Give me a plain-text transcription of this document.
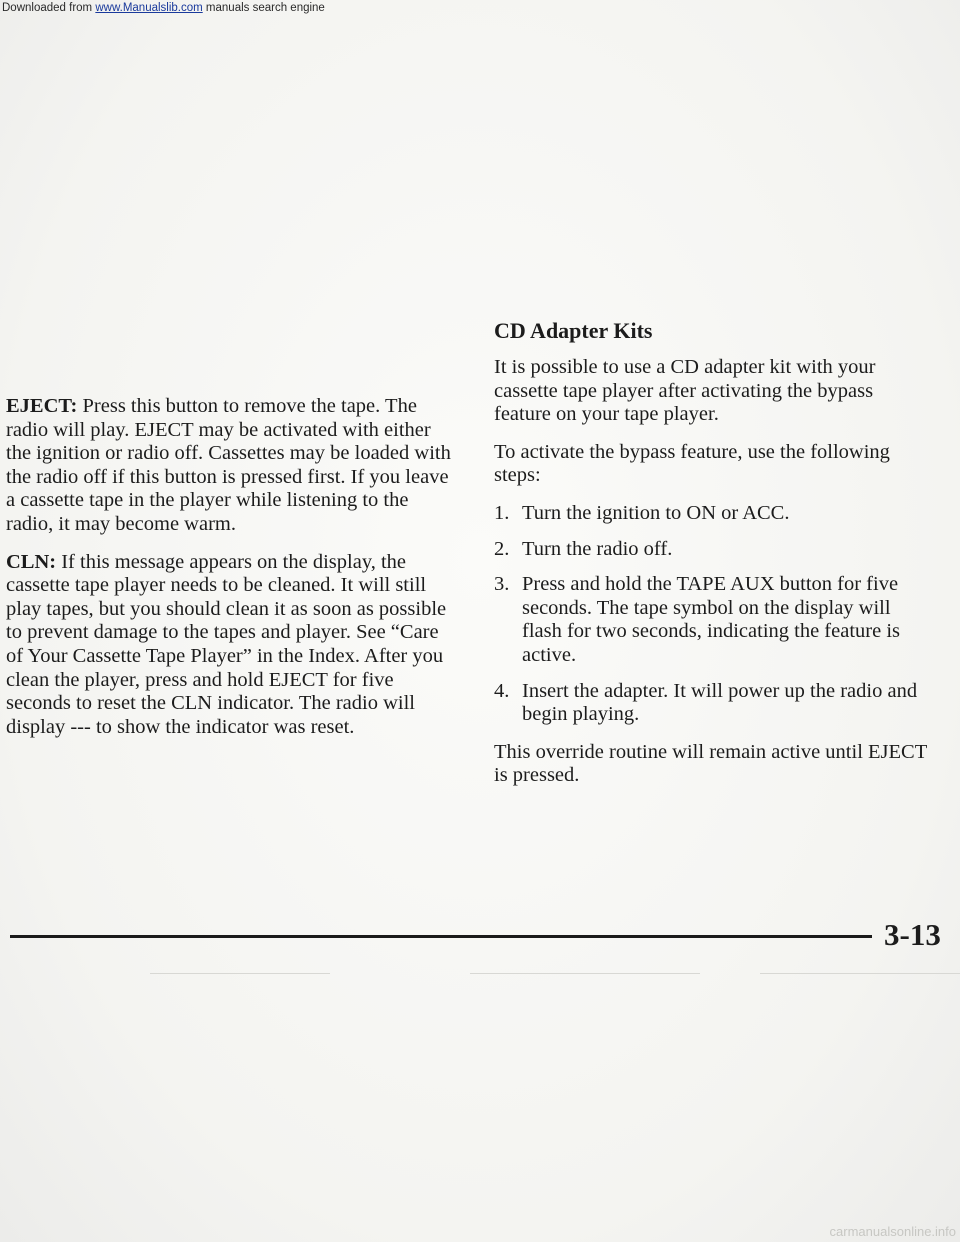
EJECT: Press this button to remove the tape. The radio will play. EJECT may be activated with either the ignition or radio off. Cassettes may be loaded with the radio off if this button is pressed first. If you leave a cassette tape in the player while listening to the radio, it may become warm.

CLN: If this message appears on the display, the cassette tape player needs to be cleaned. It will still play tapes, but you should clean it as soon as possible to prevent damage to the tapes and player. See “Care of Your Cassette Tape Player” in the Index. After you clean the player, press and hold EJECT for five seconds to reset the CLN indicator. The radio will display --- to show the indicator was reset.

CD Adapter Kits

It is possible to use a CD adapter kit with your cassette tape player after activating the bypass feature on your tape player.

To activate the bypass feature, use the following steps:

1. Turn the ignition to ON or ACC.
2. Turn the radio off.
3. Press and hold the TAPE AUX button for five seconds. The tape symbol on the display will flash for two seconds, indicating the feature is active.
4. Insert the adapter. It will power up the radio and begin playing.

This override routine will remain active until EJECT is pressed.

3-13
Downloaded from www.Manualslib.com manuals search engine
carmanualsonline.info
